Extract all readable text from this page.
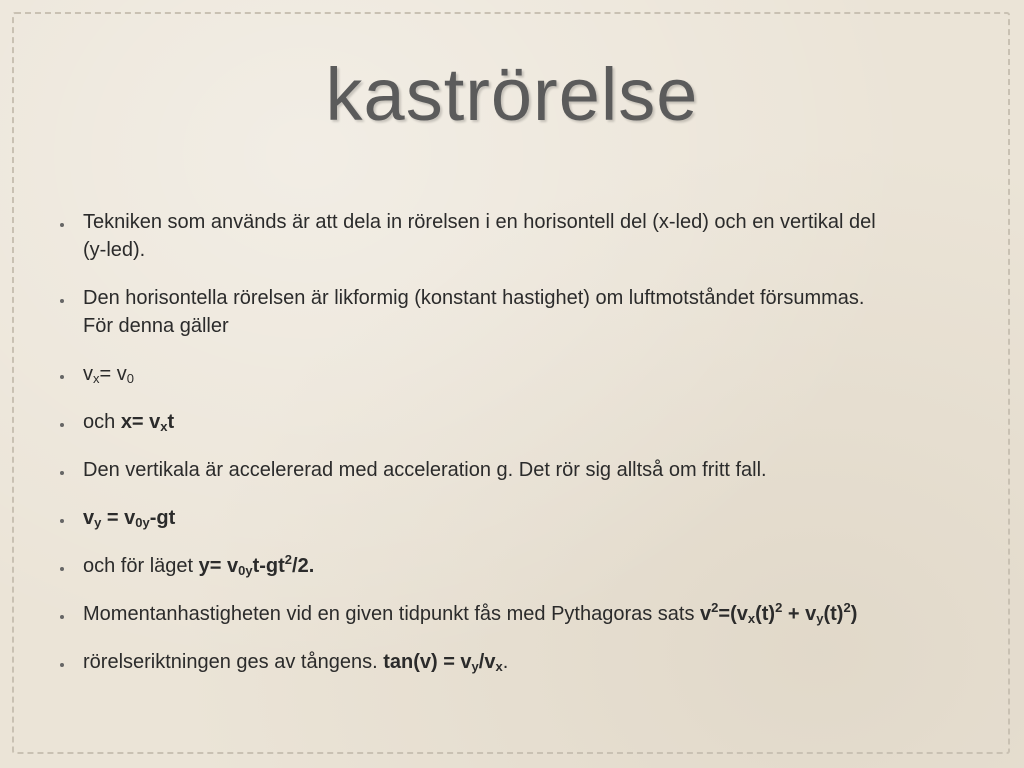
kaströrelse
Tekniken som används är att dela in rörelsen i en horisontell del (x-led) och en vertikal del
(y-led).
Den horisontella rörelsen är likformig (konstant hastighet) om luftmotståndet försummas.
För denna gäller
$v_x= v_0$
och $x= v_xt$
Den vertikala är accelererad med acceleration g. Det rör sig alltså om fritt fall.
$v_y = v_{0y}-gt$
och för läget $y= v_{0y}t-gt^2/2$.
Momentanhastigheten vid en given tidpunkt fås med Pythagoras sats $v^2=(v_x(t)^2 + v_y(t)^2)$
rörelseriktningen ges av tångens. $\tan(v) = v_y/v_x$.
